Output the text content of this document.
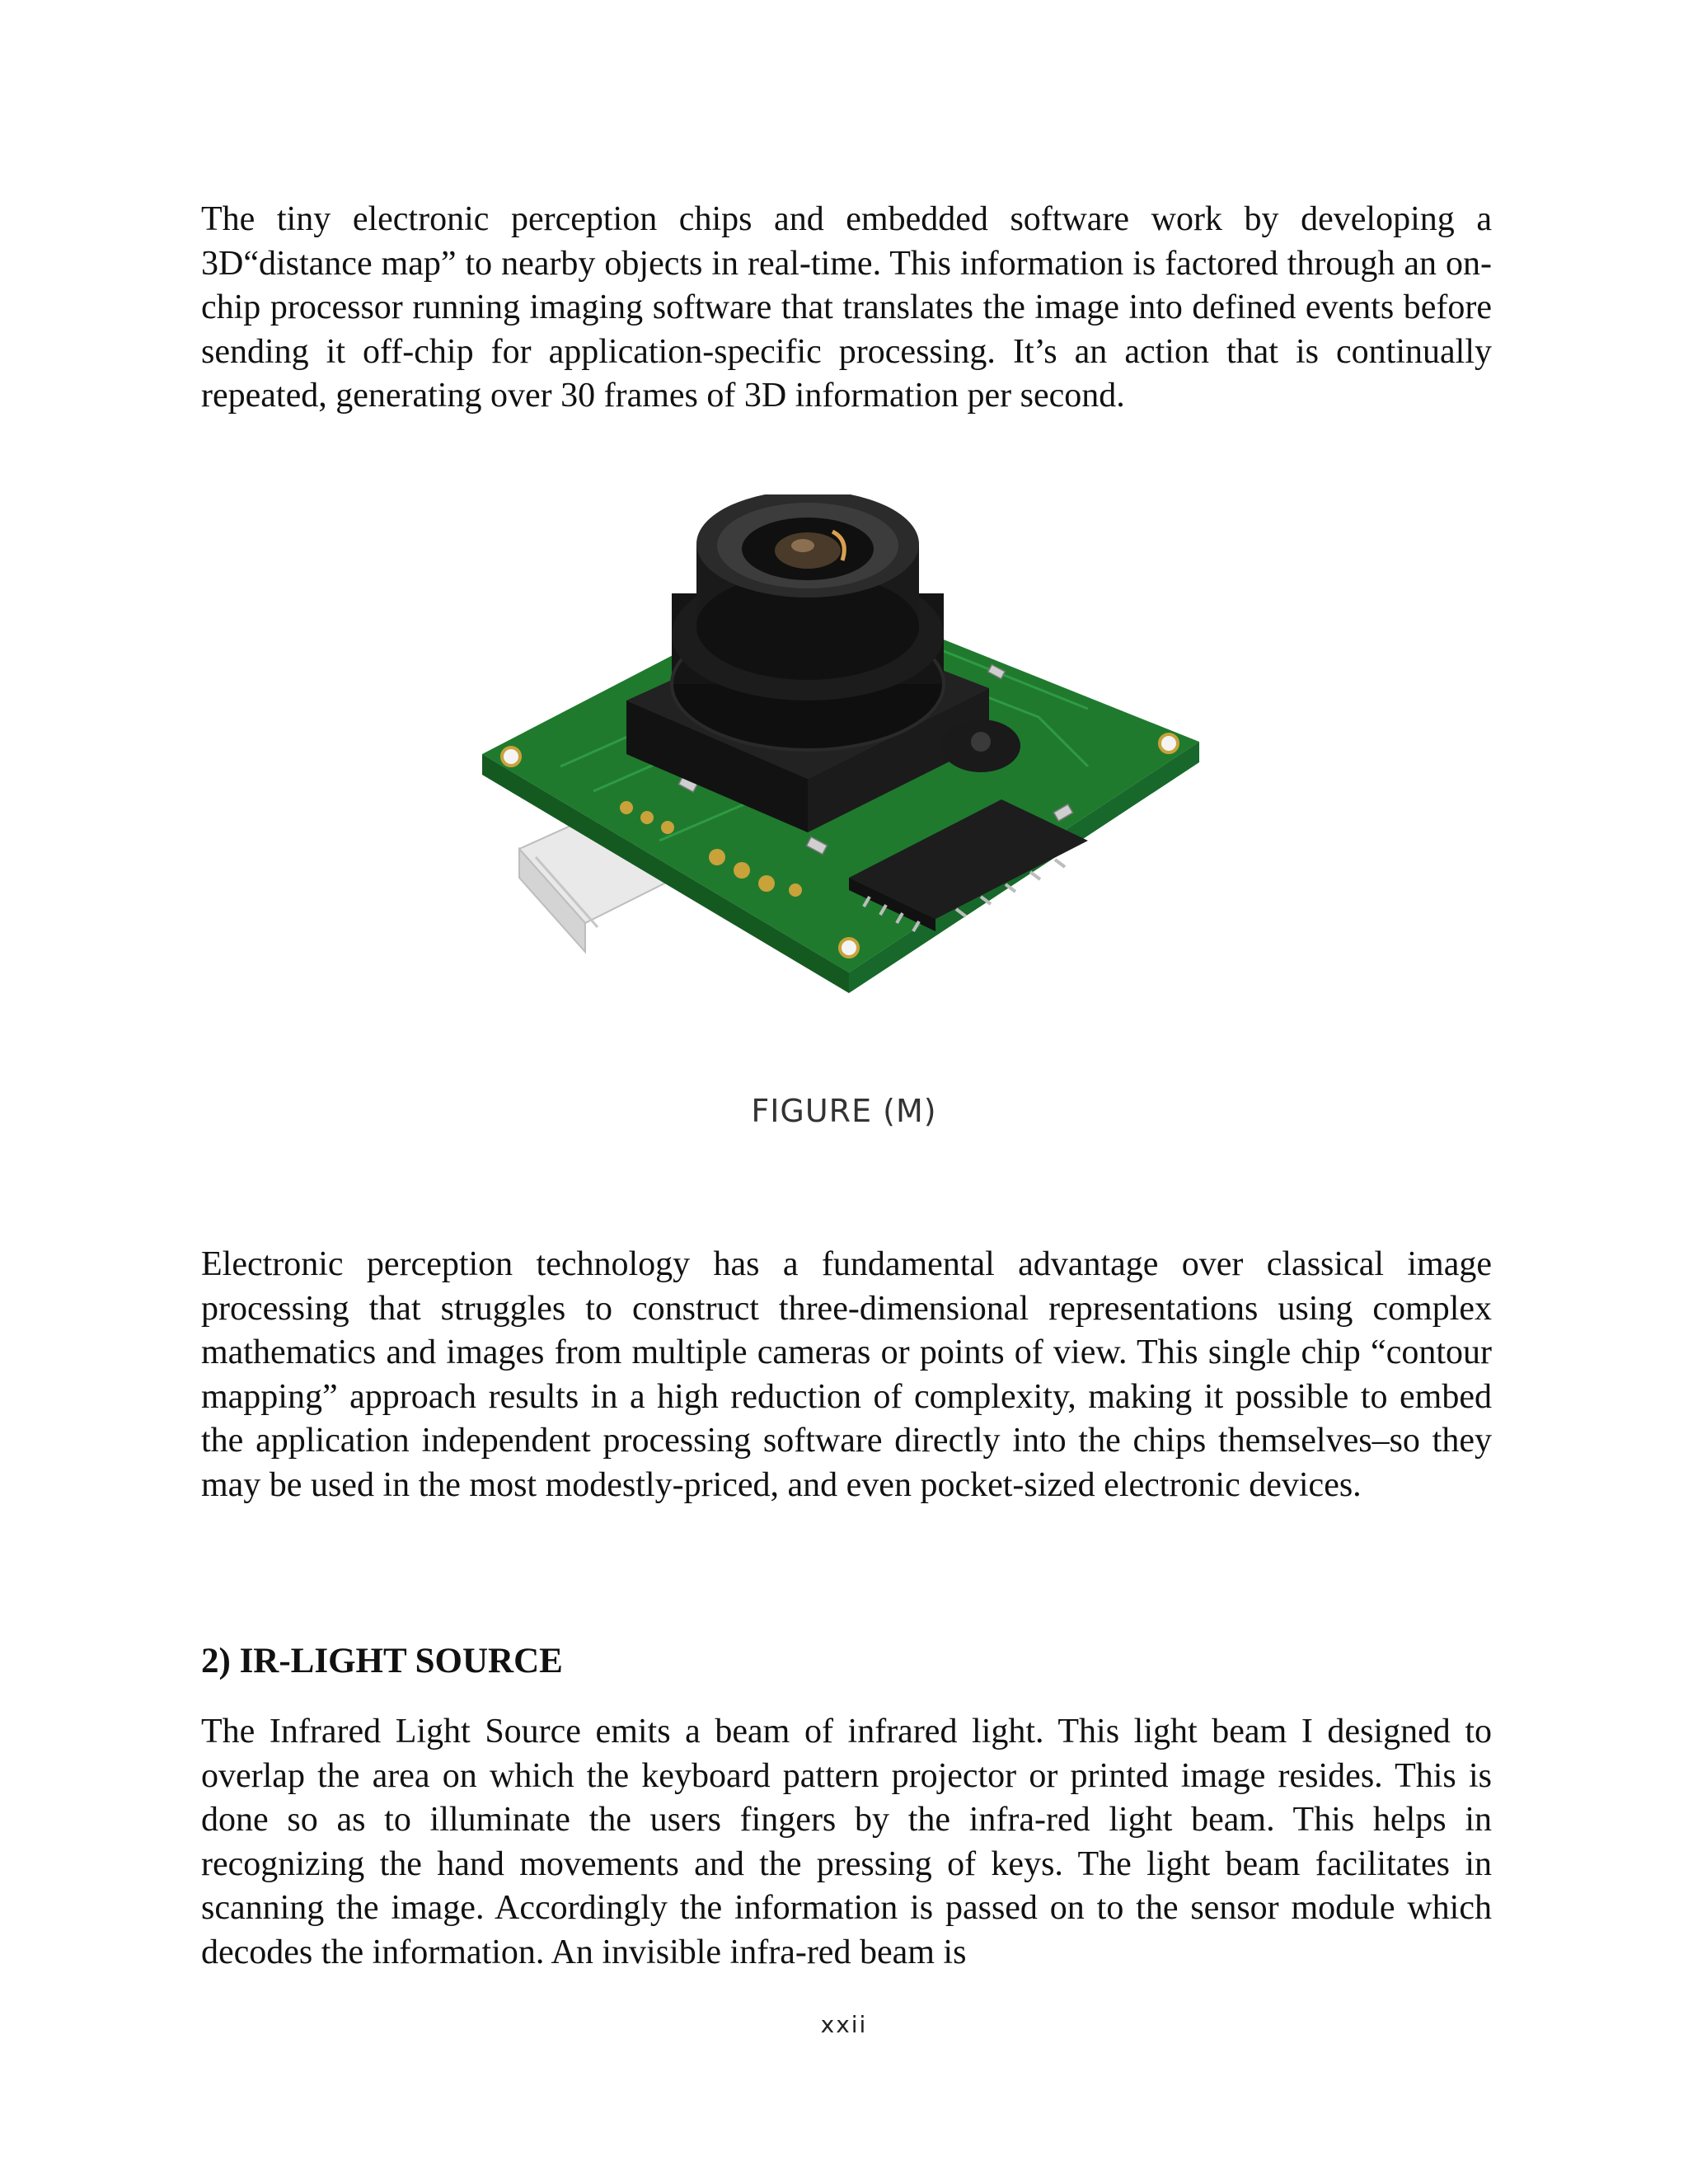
The tiny electronic perception chips and embedded software work by developing a 3D“distance map” to nearby objects in real-time. This information is factored through an on-chip processor running imaging software that translates the image into defined events before sending it off-chip for application-specific processing. It’s an action that is continually repeated, generating over 30 frames of 3D information per second.

FIGURE (M)

Electronic perception technology has a fundamental advantage over classical image processing that struggles to construct three-dimensional representations using complex mathematics and images from multiple cameras or points of view. This single chip “contour mapping” approach results in a high reduction of complexity, making it possible to embed the application independent processing software directly into the chips themselves–so they may be used in the most modestly-priced, and even pocket-sized electronic devices.

2) IR-LIGHT SOURCE

The Infrared Light Source emits a beam of infrared light. This light beam I designed to overlap the area on which the keyboard pattern projector or printed image resides. This is done so as to illuminate the users fingers by the infra-red light beam. This helps in recognizing the hand movements and the pressing of keys. The light beam facilitates in scanning the image. Accordingly the information is passed on to the sensor module which decodes the information. An invisible infra-red beam is

xxii
